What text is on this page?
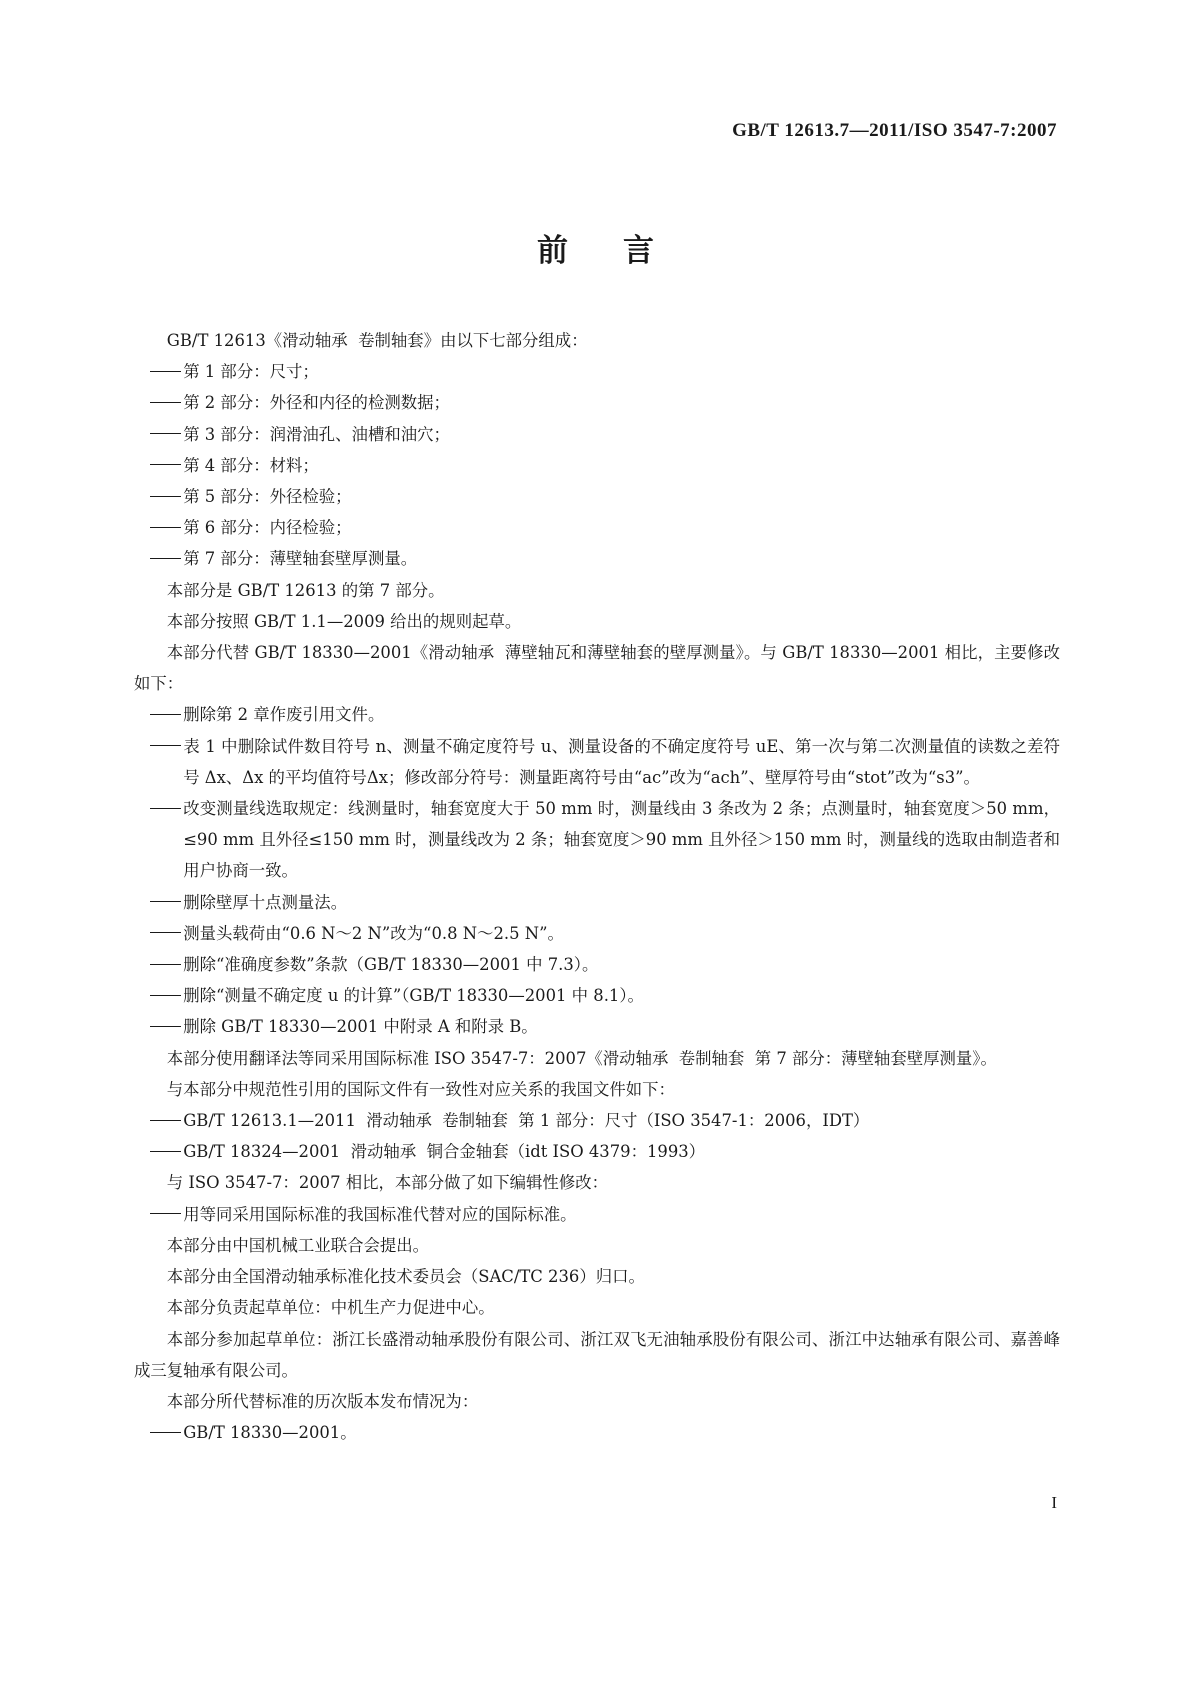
GB/T 12613.7—2011/ISO 3547-7:2007
前言

GB/T 12613《滑动轴承  卷制轴套》由以下七部分组成：

第 1 部分：尺寸；

第 2 部分：外径和内径的检测数据；

第 3 部分：润滑油孔、油槽和油穴；

第 4 部分：材料；

第 5 部分：外径检验；

第 6 部分：内径检验；

第 7 部分：薄壁轴套壁厚测量。

本部分是 GB/T 12613 的第 7 部分。

本部分按照 GB/T 1.1—2009 给出的规则起草。

本部分代替 GB/T 18330—2001《滑动轴承  薄壁轴瓦和薄壁轴套的壁厚测量》。与 GB/T 18330—2001 相比，主要修改如下：

删除第 2 章作废引用文件。

表 1 中删除试件数目符号 n、测量不确定度符号 u、测量设备的不确定度符号 uE、第一次与第二次测量值的读数之差符号 Δx、Δx 的平均值符号Δx；修改部分符号：测量距离符号由“ac”改为“ach”、壁厚符号由“stot”改为“s3”。

改变测量线选取规定：线测量时，轴套宽度大于 50 mm 时，测量线由 3 条改为 2 条；点测量时，轴套宽度＞50 mm，≤90 mm 且外径≤150 mm 时，测量线改为 2 条；轴套宽度＞90 mm 且外径＞150 mm 时，测量线的选取由制造者和用户协商一致。

删除壁厚十点测量法。

测量头载荷由“0.6 N～2 N”改为“0.8 N～2.5 N”。

删除“准确度参数”条款（GB/T 18330—2001 中 7.3）。

删除“测量不确定度 u 的计算”（GB/T 18330—2001 中 8.1）。

删除 GB/T 18330—2001 中附录 A 和附录 B。

本部分使用翻译法等同采用国际标准 ISO 3547-7：2007《滑动轴承  卷制轴套  第 7 部分：薄壁轴套壁厚测量》。

与本部分中规范性引用的国际文件有一致性对应关系的我国文件如下：

GB/T 12613.1—2011  滑动轴承  卷制轴套  第 1 部分：尺寸（ISO 3547-1：2006，IDT）

GB/T 18324—2001  滑动轴承  铜合金轴套（idt ISO 4379：1993）

与 ISO 3547-7：2007 相比，本部分做了如下编辑性修改：

用等同采用国际标准的我国标准代替对应的国际标准。

本部分由中国机械工业联合会提出。

本部分由全国滑动轴承标准化技术委员会（SAC/TC 236）归口。

本部分负责起草单位：中机生产力促进中心。

本部分参加起草单位：浙江长盛滑动轴承股份有限公司、浙江双飞无油轴承股份有限公司、浙江中达轴承有限公司、嘉善峰成三复轴承有限公司。

本部分所代替标准的历次版本发布情况为：

GB/T 18330—2001。

I
